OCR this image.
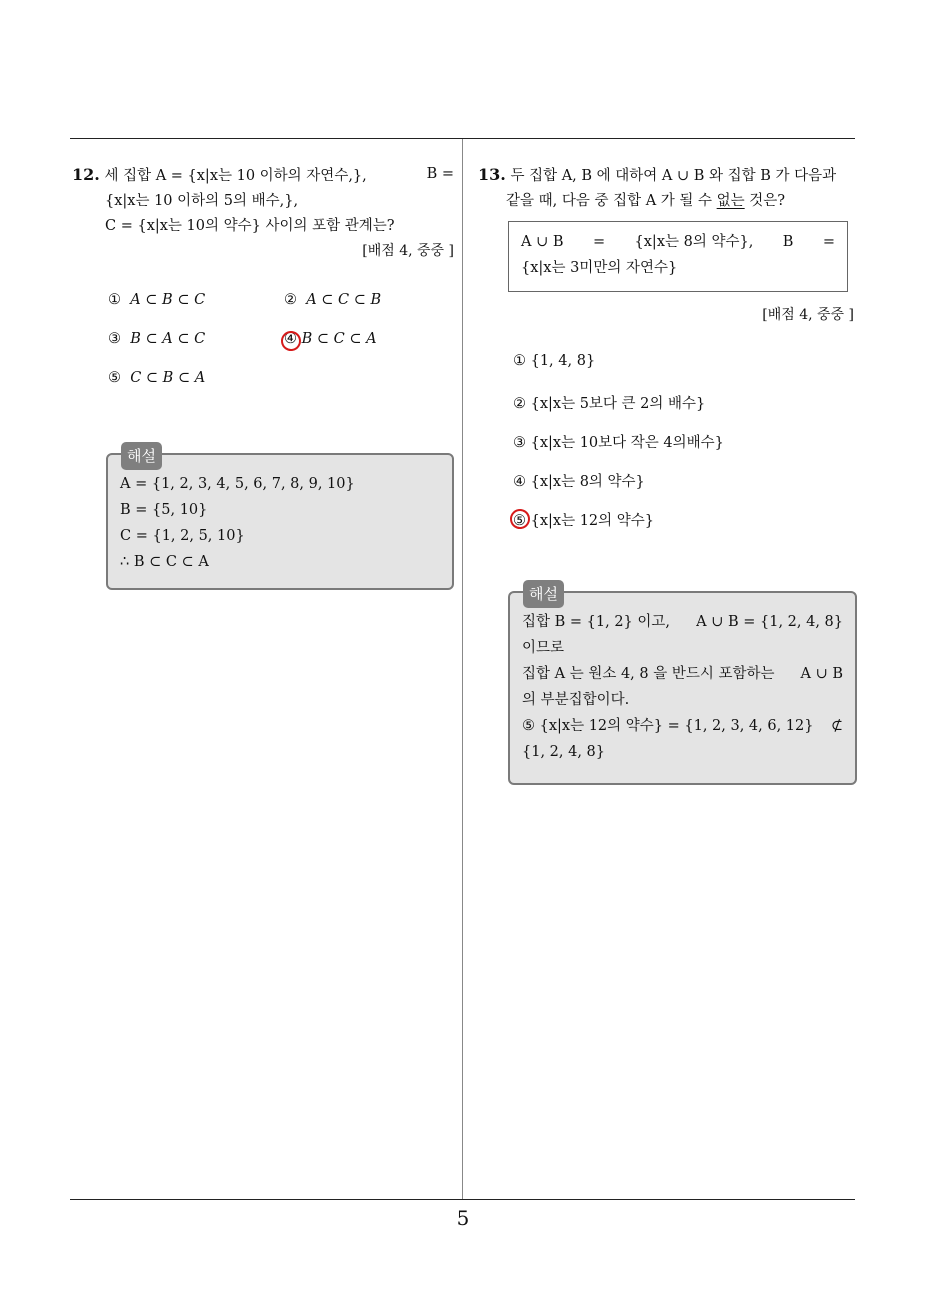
5
12. 세 집합 A = {x|x는 10 이하의 자연수,},	B =
{x|x는 10 이하의 5의 배수,},
C = {x|x는 10의 약수} 사이의 포함 관계는?
[배점 4, 중중 ]
① A ⊂ B ⊂ C	② A ⊂ C ⊂ B
③ B ⊂ A ⊂ C	④ B ⊂ C ⊂ A
⑤ C ⊂ B ⊂ A
해설
A = {1, 2, 3, 4, 5, 6, 7, 8, 9, 10}
B = {5, 10}
C = {1, 2, 5, 10}
∴ B ⊂ C ⊂ A
13. 두 집합 A, B 에 대하여 A ∪ B 와 집합 B 가 다음과
같을 때, 다음 중 집합 A 가 될 수 없는 것은?
A ∪ B = {x|x는 8의 약수}, B =
{x|x는 3미만의 자연수}
[배점 4, 중중 ]
① {1, 4, 8}
② {x|x는 5보다 큰 2의 배수}
③ {x|x는 10보다 작은 4의배수}
④ {x|x는 8의 약수}
⑤ {x|x는 12의 약수}
해설
집합 B = {1, 2} 이고, A ∪ B = {1, 2, 4, 8}
이므로
집합 A 는 원소 4, 8 을 반드시 포함하는 A ∪ B
의 부분집합이다.
⑤ {x|x는 12의 약수} = {1, 2, 3, 4, 6, 12} ⊄
{1, 2, 4, 8}
